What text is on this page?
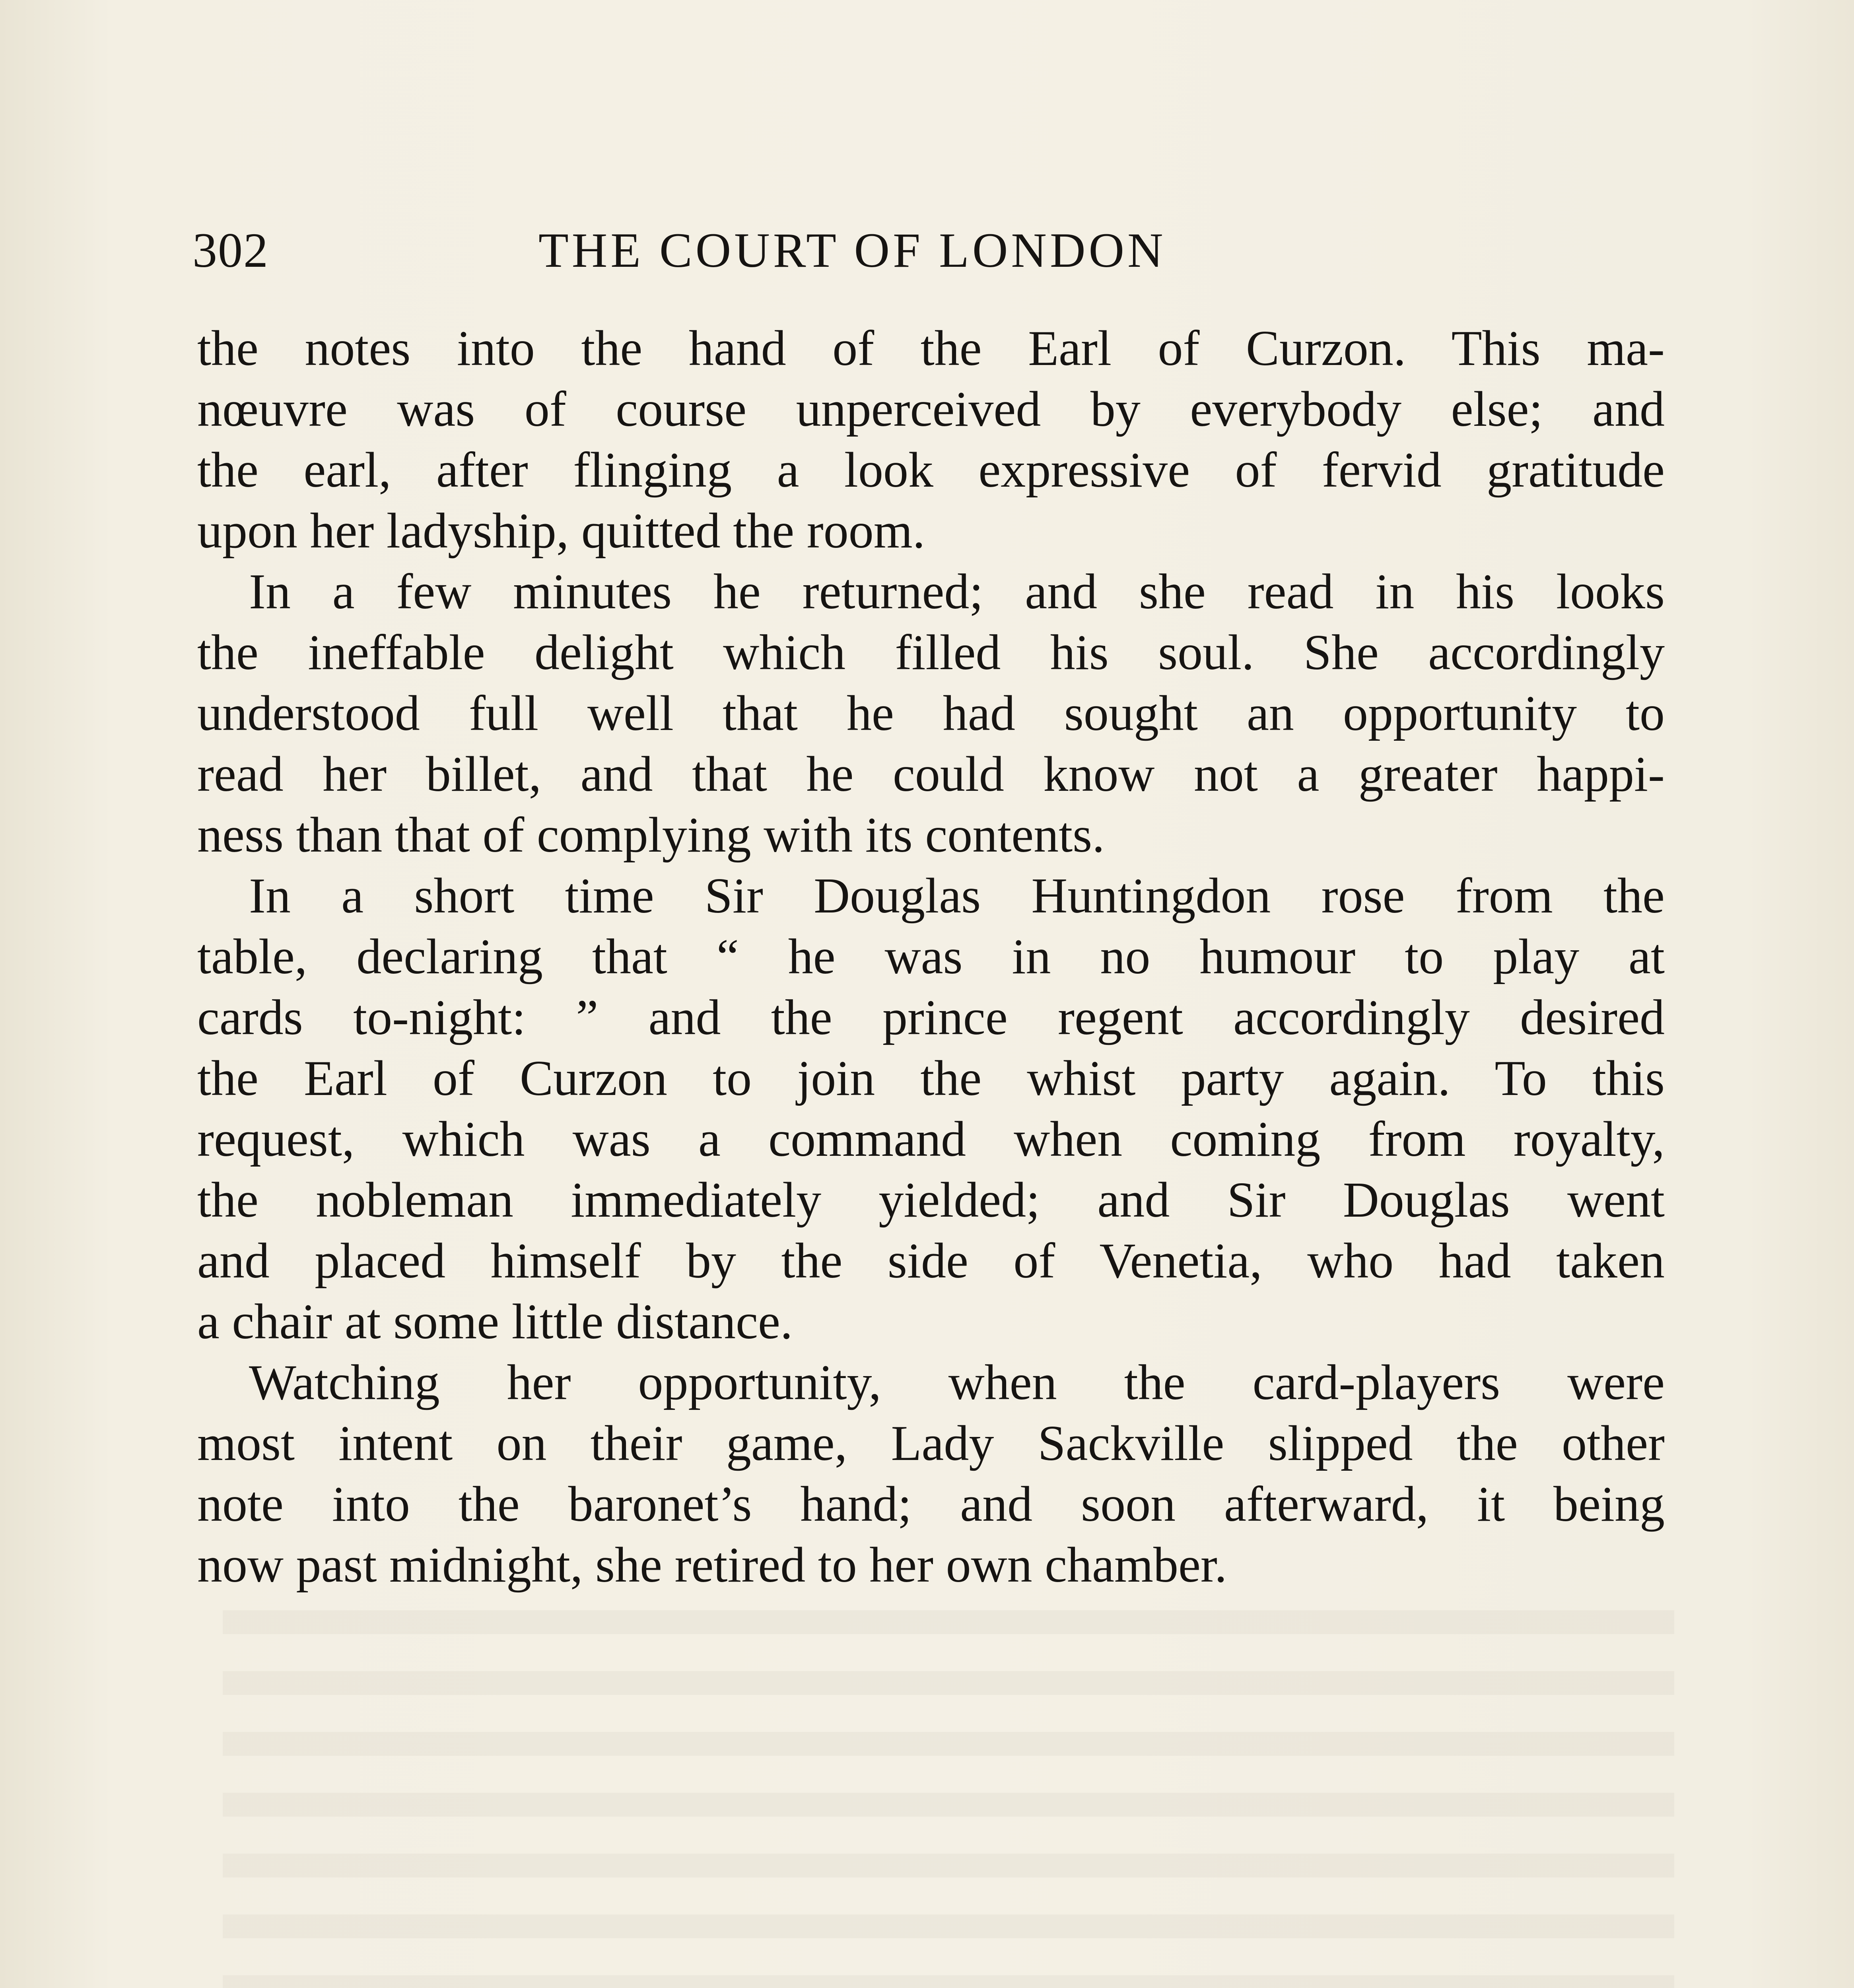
302	THE COURT OF LONDON
the notes into the hand of the Earl of Curzon. This ma-
nœuvre was of course unperceived by everybody else; and
the earl, after flinging a look expressive of fervid gratitude
upon her ladyship, quitted the room.
In a few minutes he returned; and she read in his looks
the ineffable delight which filled his soul. She accordingly
understood full well that he had sought an opportunity to
read her billet, and that he could know not a greater happi-
ness than that of complying with its contents.
In a short time Sir Douglas Huntingdon rose from the
table, declaring that “ he was in no humour to play at
cards to-night: ” and the prince regent accordingly desired
the Earl of Curzon to join the whist party again. To this
request, which was a command when coming from royalty,
the nobleman immediately yielded; and Sir Douglas went
and placed himself by the side of Venetia, who had taken
a chair at some little distance.
Watching her opportunity, when the card-players were
most intent on their game, Lady Sackville slipped the other
note into the baronet’s hand; and soon afterward, it being
now past midnight, she retired to her own chamber.
